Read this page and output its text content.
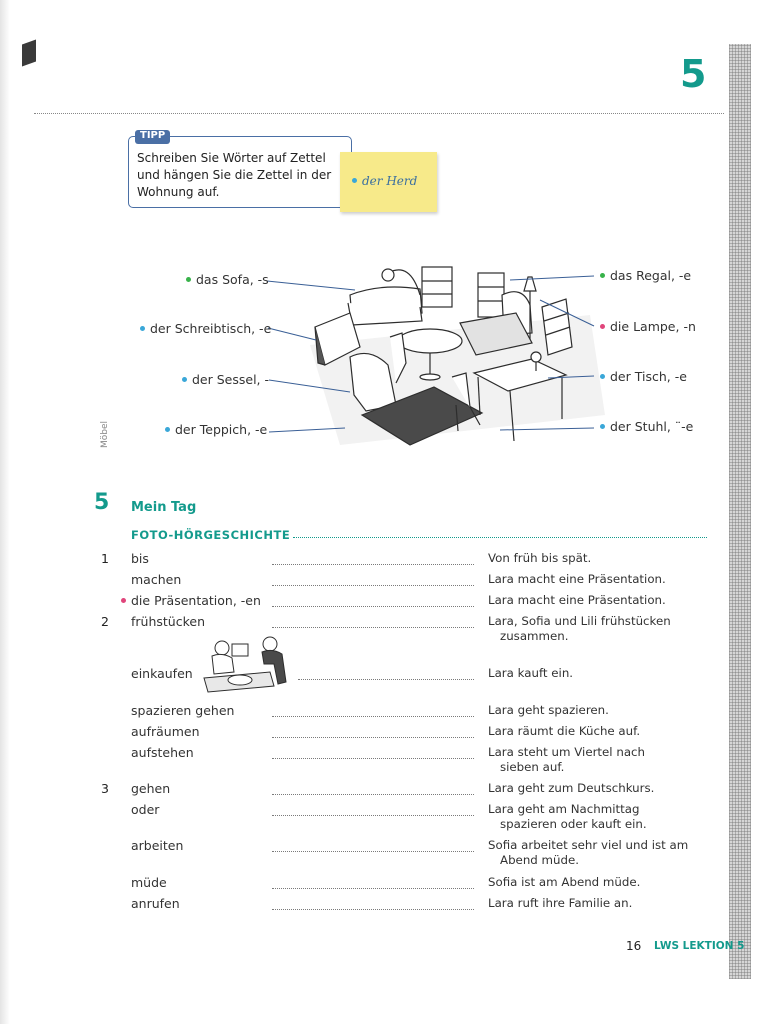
5
TIPP
Schreiben Sie Wörter auf Zettel und hängen Sie die Zettel in der Wohnung auf.
der Herd
das Sofa, -s
der Schreibtisch, -e
der Sessel, -
der Teppich, -e
das Regal, -e
die Lampe, -n
der Tisch, -e
der Stuhl, ¨-e
Möbel
5 Mein Tag
FOTO-HÖRGESCHICHTE
1 bis	Von früh bis spät.
machen	Lara macht eine Präsentation.
die Präsentation, -en	Lara macht eine Präsentation.
2 frühstücken	Lara, Sofia und Lili frühstücken
zusammen.
einkaufen	Lara kauft ein.
spazieren gehen	Lara geht spazieren.
aufräumen	Lara räumt die Küche auf.
aufstehen	Lara steht um Viertel nach
sieben auf.
3 gehen	Lara geht zum Deutschkurs.
oder	Lara geht am Nachmittag
spazieren oder kauft ein.
arbeiten	Sofia arbeitet sehr viel und ist am
Abend müde.
müde	Sofia ist am Abend müde.
anrufen	Lara ruft ihre Familie an.
16 LWS LEKTION 5
